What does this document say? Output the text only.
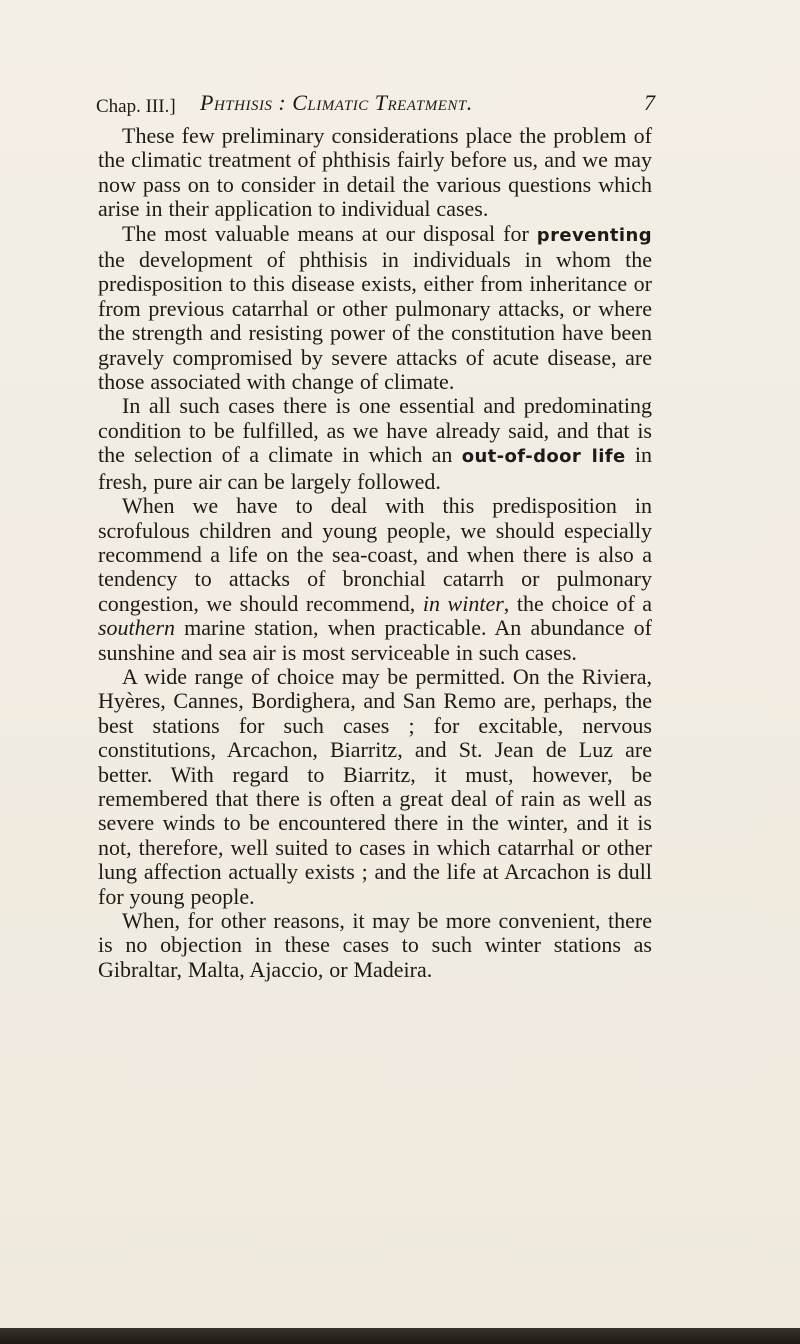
Chap. III.] Phthisis : Climatic Treatment.	7

These few preliminary considerations place the problem of the climatic treatment of phthisis fairly before us, and we may now pass on to consider in detail the various questions which arise in their application to individual cases.

The most valuable means at our disposal for preventing the development of phthisis in individuals in whom the predisposition to this disease exists, either from inheritance or from previous catarrhal or other pulmonary attacks, or where the strength and resisting power of the constitution have been gravely compromised by severe attacks of acute disease, are those associated with change of climate.

In all such cases there is one essential and predominating condition to be fulfilled, as we have already said, and that is the selection of a climate in which an out-of-door life in fresh, pure air can be largely followed.

When we have to deal with this predisposition in scrofulous children and young people, we should especially recommend a life on the sea-coast, and when there is also a tendency to attacks of bronchial catarrh or pulmonary congestion, we should recommend, in winter, the choice of a southern marine station, when practicable. An abundance of sunshine and sea air is most serviceable in such cases.

A wide range of choice may be permitted. On the Riviera, Hyères, Cannes, Bordighera, and San Remo are, perhaps, the best stations for such cases ; for excitable, nervous constitutions, Arcachon, Biarritz, and St. Jean de Luz are better. With regard to Biarritz, it must, however, be remembered that there is often a great deal of rain as well as severe winds to be encountered there in the winter, and it is not, therefore, well suited to cases in which catarrhal or other lung affection actually exists ; and the life at Arcachon is dull for young people.

When, for other reasons, it may be more convenient, there is no objection in these cases to such winter stations as Gibraltar, Malta, Ajaccio, or Madeira.
